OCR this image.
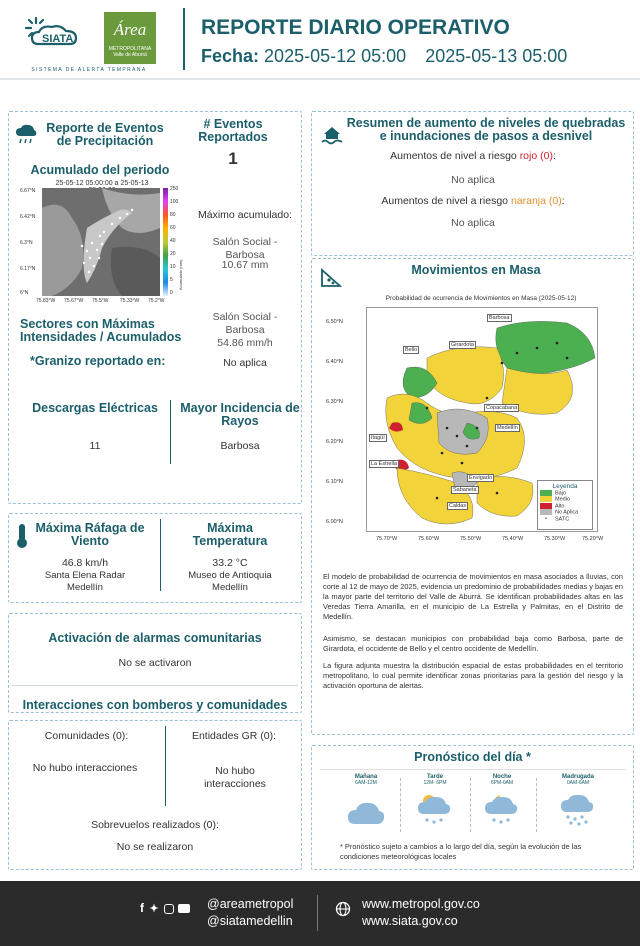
SIATA	Área
METROPOLITANA
Valle de Aburrá
SISTEMA DE ALERTA TEMPRANA
REPORTE DIARIO OPERATIVO
Fecha: 2025-05-12 05:00 2025-05-13 05:00
Reporte de Eventos de Precipitación
# Eventos Reportados
1
Acumulado del periodo
25-05-12 05:00:00 a 25-05-13
6.67°N
6.42°N
6.3°N
6.17°N
6°N
75.83°W 75.67°W 75.5°W 75.33°W 75.2°W
250
100
80
60
40
20
10
5
0
Acumulado (mm)
Máximo acumulado:
Salón Social - Barbosa
10.67 mm
Sectores con Máximas Intensidades / Acumulados
Salón Social - Barbosa
54.86 mm/h
*Granizo reportado en:	No aplica
Descargas Eléctricas	Mayor Incidencia de Rayos
11	Barbosa
Máxima Ráfaga de Viento
Máxima Temperatura
46.8 km/h
Santa Elena Radar
Medellín
33.2 °C
Museo de Antioquia
Medellín
Activación de alarmas comunitarias
No se activaron
Interacciones con bomberos y comunidades
Comunidades (0):
No hubo interacciones
Entidades GR (0):
No hubo interacciones
Sobrevuelos realizados (0):
No se realizaron
Resumen de aumento de niveles de quebradas e inundaciones de pasos a desnivel
Aumentos de nivel a riesgo rojo (0):
No aplica
Aumentos de nivel a riesgo naranja (0):
No aplica
Movimientos en Masa
Probabilidad de ocurrencia de Movimientos en Masa (2025-05-12)
Barbosa
Girardota
Bello
Copacabana
Medellín
Itagüí
La Estrella
Envigado
Sabaneta
Caldas
Leyenda
Bajo
Medio
Alto
No Aplica
• SATC
6.50°N
6.40°N
6.30°N
6.20°N
6.10°N
6.00°N
75.70°W	75.60°W	75.50°W	75.40°W	75.30°W	75.20°W
El modelo de probabilidad de ocurrencia de movimientos en masa asociados a lluvias, con corte al 12 de mayo de 2025, evidencia un predominio de probabilidades medias y bajas en la mayor parte del territorio del Valle de Aburrá. Se identifican probabilidades altas en las Veredas Tierra Amarilla, en el municipio de La Estrella y Palmitas, en el Distrito de Medellín.
Asimismo, se destacan municipios con probabilidad baja como Barbosa, parte de Girardota, el occidente de Bello y el centro occidente de Medellín.
La figura adjunta muestra la distribución espacial de estas probabilidades en el territorio metropolitano, lo cual permite identificar zonas prioritarias para la gestión del riesgo y la activación oportuna de alertas.
Pronóstico del día *
Mañana
6AM-12M
Tarde
12M- 6PM
Noche
6PM-0AM
Madrugada
0AM-6AM
* Pronóstico sujeto a cambios a lo largo del día, según la evolución de las condiciones meteorológicas locales
f ✦	@areametropol
@siatamedellin
www.metropol.gov.co
www.siata.gov.co
